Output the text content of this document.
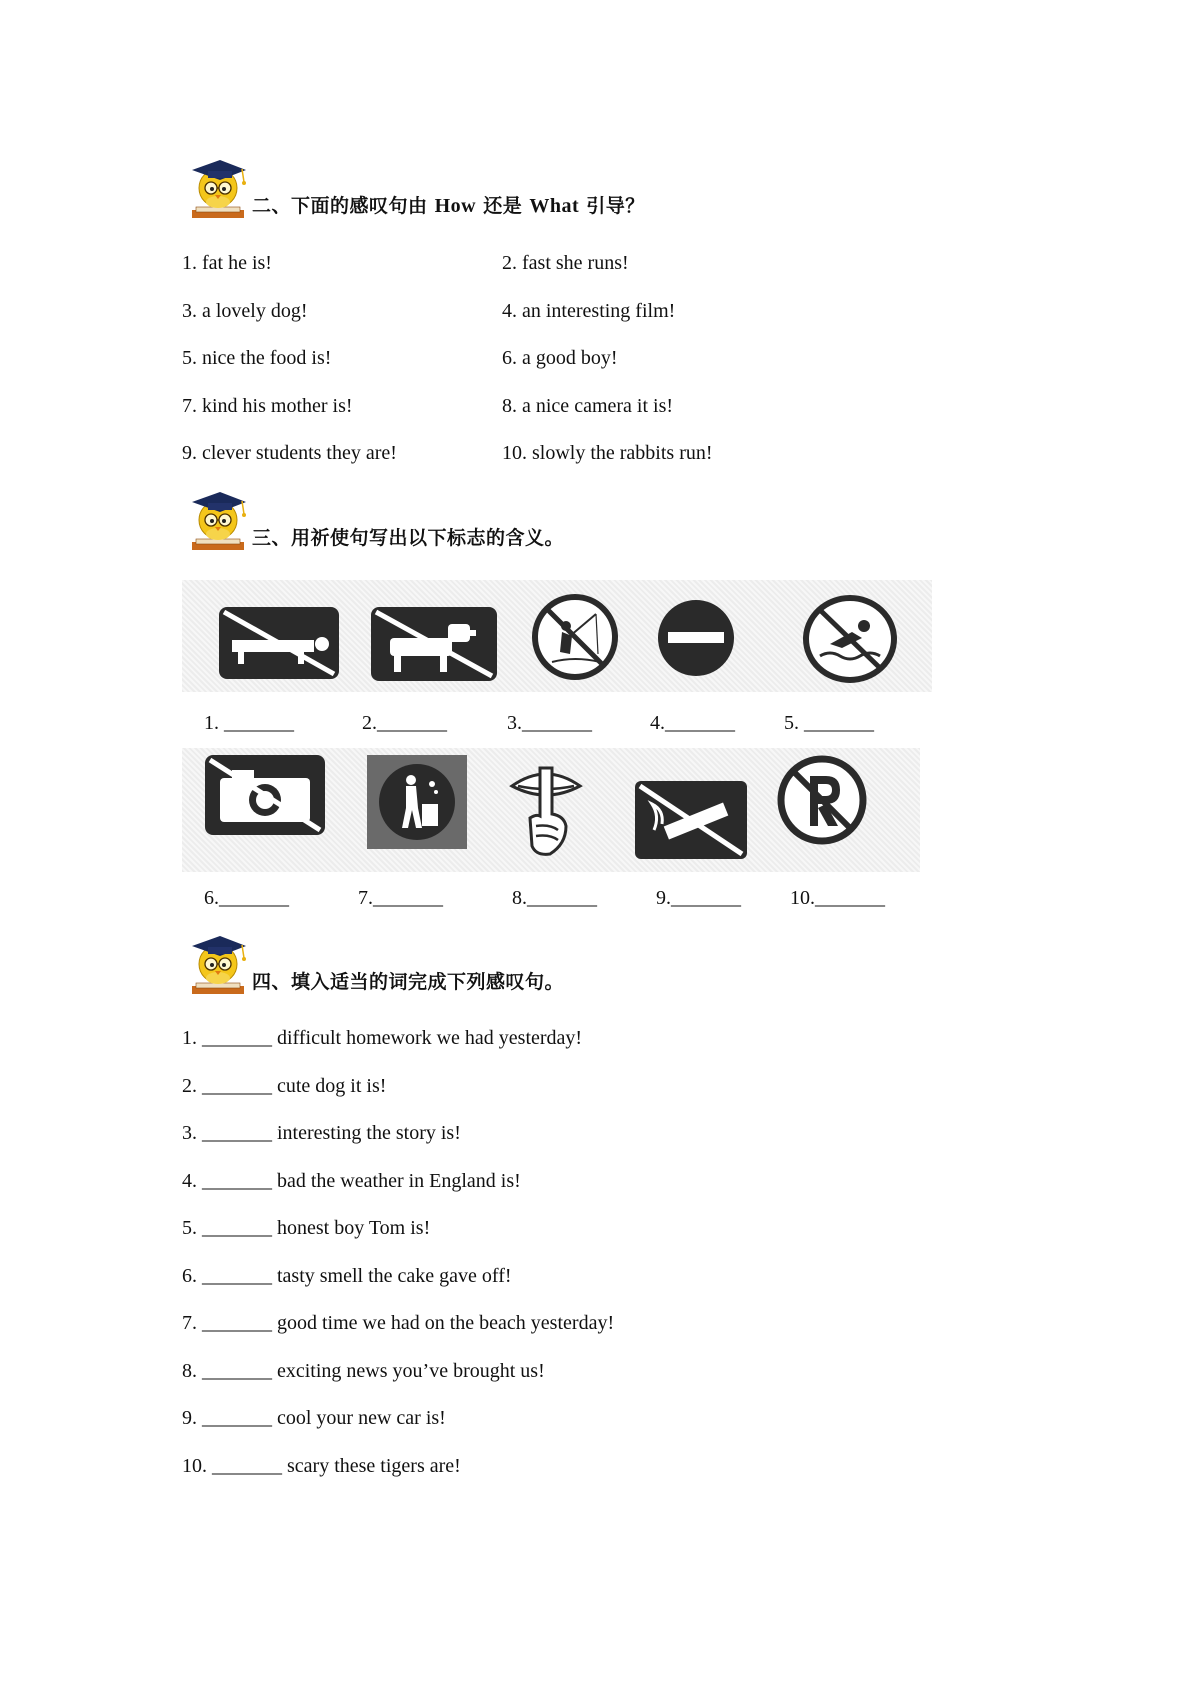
二、下面的感叹句由 How 还是 What 引导？
1. fat he is!	2. fast she runs!
3. a lovely dog!	4. an interesting film!
5. nice the food is!	6. a good boy!
7. kind his mother is!	8. a nice camera it is!
9. clever students they are!	10. slowly the rabbits run!
三、用祈使句写出以下标志的含义。
1. _______	2._______	3._______	4._______ 5. _______
6._______	7._______	8._______	9._______ 10._______
四、填入适当的词完成下列感叹句。
1. _______ difficult homework we had yesterday!
2. _______ cute dog it is!
3. _______ interesting the story is!
4. _______ bad the weather in England is!
5. _______ honest boy Tom is!
6. _______ tasty smell the cake gave off!
7. _______ good time we had on the beach yesterday!
8. _______ exciting news you’ve brought us!
9. _______ cool your new car is!
10. _______ scary these tigers are!
